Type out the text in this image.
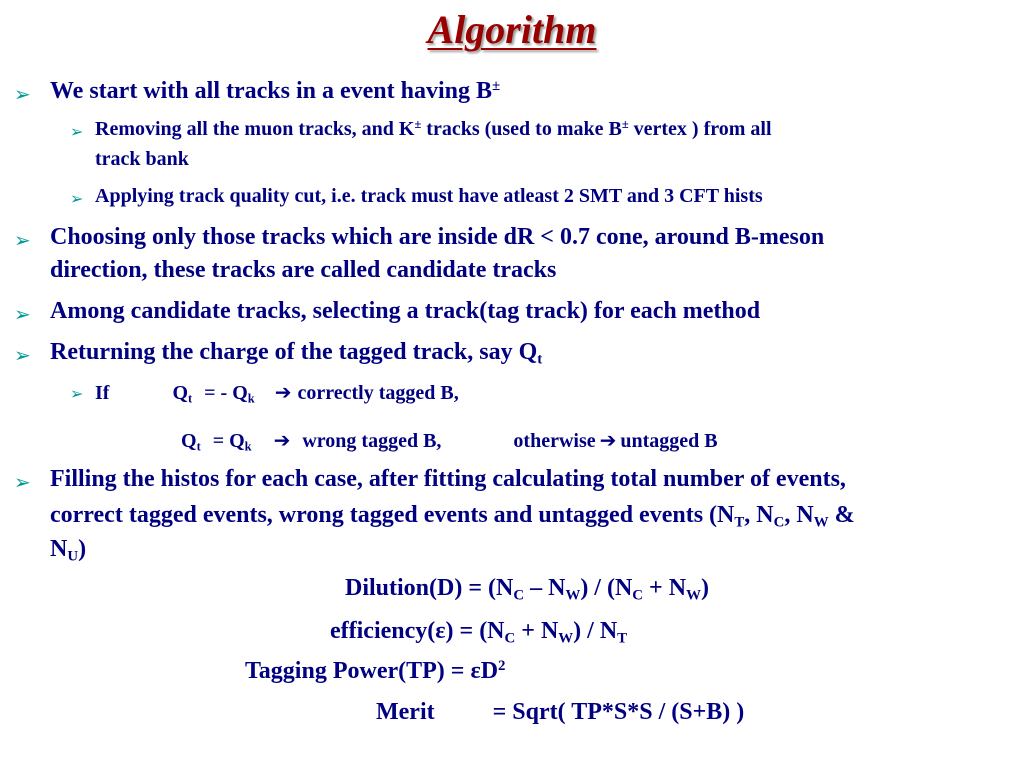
Algorithm
➢ We start with all tracks in a event having B±
➢ Removing all the muon tracks, and K± tracks (used to make B± vertex ) from all
track bank
➢ Applying track quality cut, i.e. track must have atleast 2 SMT and 3 CFT hists
➢ Choosing only those tracks which are inside dR < 0.7 cone, around B-meson
direction, these tracks are called candidate tracks
➢ Among candidate tracks, selecting a track(tag track) for each method
➢ Returning the charge of the tagged track, say $Q_t$
➢ If	$Q_t$ = - $Q_k$ ➔ correctly tagged B,
$Q_t = Q_k$ ➔ wrong tagged B,	otherwise ➔ untagged B
➢ Filling the histos for each case, after fitting calculating total number of events,
correct tagged events, wrong tagged events and untagged events ($N_T$, $N_C$, $N_W$ &
$N_U$)
Dilution(D) = $(N_C - N_W) / (N_C + N_W)$
efficiency(ε) = $(N_C + N_W) / N_T$
Tagging Power(TP) = $\varepsilon D^2$
Merit = Sqrt( TP*S*S / (S+B) )
